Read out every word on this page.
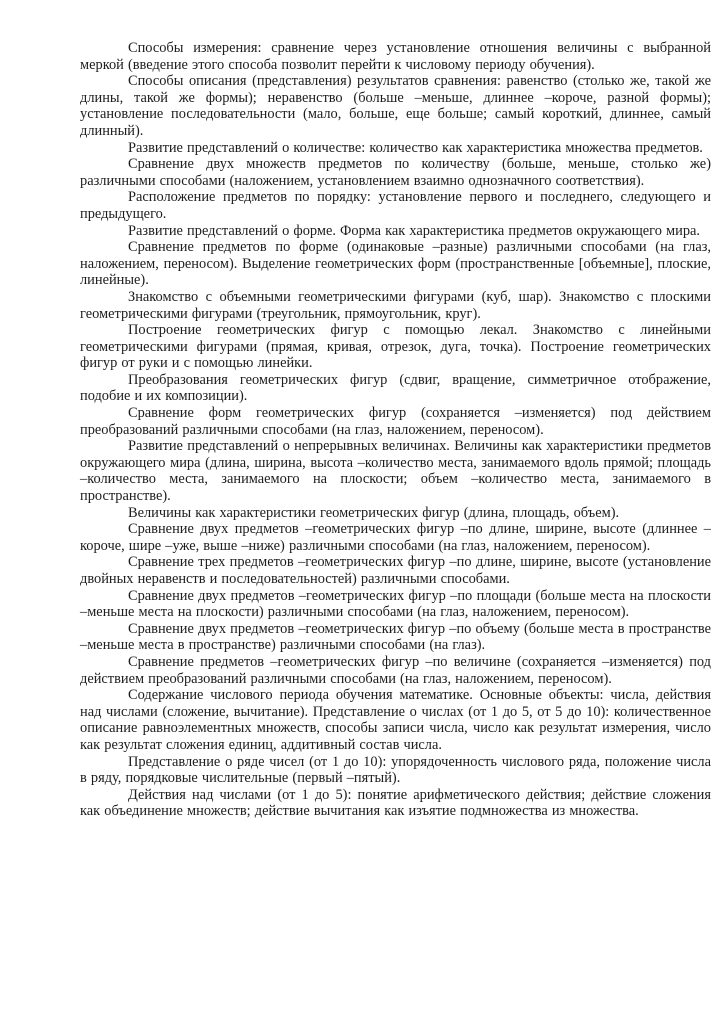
Способы измерения: сравнение через установление отношения величины с выбранной меркой (введение этого способа позволит перейти к числовому периоду обучения).

Способы описания (представления) результатов сравнения: равенство (столько же, такой же длины, такой же формы); неравенство (больше –меньше, длиннее –короче, разной формы); установление последовательности (мало, больше, еще больше; самый короткий, длиннее, самый длинный).

Развитие представлений о количестве: количество как характеристика множества предметов.

Сравнение двух множеств предметов по количеству (больше, меньше, столько же) различными способами (наложением, установлением взаимно однозначного соответствия).

Расположение предметов по порядку: установление первого и последнего, следующего и предыдущего.

Развитие представлений о форме. Форма как характеристика предметов окружающего мира.

Сравнение предметов по форме (одинаковые –разные) различными способами (на глаз, наложением, переносом). Выделение геометрических форм (пространственные [объемные], плоские, линейные).

Знакомство с объемными геометрическими фигурами (куб, шар). Знакомство с плоскими геометрическими фигурами (треугольник, прямоугольник, круг).

Построение геометрических фигур с помощью лекал. Знакомство с линейными геометрическими фигурами (прямая, кривая, отрезок, дуга, точка). Построение геометрических фигур от руки и с помощью линейки.

Преобразования геометрических фигур (сдвиг, вращение, симметричное отображение, подобие и их композиции).

Сравнение форм геометрических фигур (сохраняется –изменяется) под действием преобразований различными способами (на глаз, наложением, переносом).

Развитие представлений о непрерывных величинах. Величины как характеристики предметов окружающего мира (длина, ширина, высота –количество места, занимаемого вдоль прямой; площадь –количество места, занимаемого на плоскости; объем –количество места, занимаемого в пространстве).

Величины как характеристики геометрических фигур (длина, площадь, объем).

Сравнение двух предметов –геометрических фигур –по длине, ширине, высоте (длиннее –короче, шире –уже, выше –ниже) различными способами (на глаз, наложением, переносом).

Сравнение трех предметов –геометрических фигур –по длине, ширине, высоте (установление двойных неравенств и последовательностей) различными способами.

Сравнение двух предметов –геометрических фигур –по площади (больше места на плоскости –меньше места на плоскости) различными способами (на глаз, наложением, переносом).

Сравнение двух предметов –геометрических фигур –по объему (больше места в пространстве –меньше места в пространстве) различными способами (на глаз).

Сравнение предметов –геометрических фигур –по величине (сохраняется –изменяется) под действием преобразований различными способами (на глаз, наложением, переносом).

Содержание числового периода обучения математике. Основные объекты: числа, действия над числами (сложение, вычитание). Представление о числах (от 1 до 5, от 5 до 10): количественное описание равноэлементных множеств, способы записи числа, число как результат измерения, число как результат сложения единиц, аддитивный состав числа.

Представление о ряде чисел (от 1 до 10): упорядоченность числового ряда, положение числа в ряду, порядковые числительные (первый –пятый).

Действия над числами (от 1 до 5): понятие арифметического действия; действие сложения как объединение множеств; действие вычитания как изъятие подмножества из множества.
